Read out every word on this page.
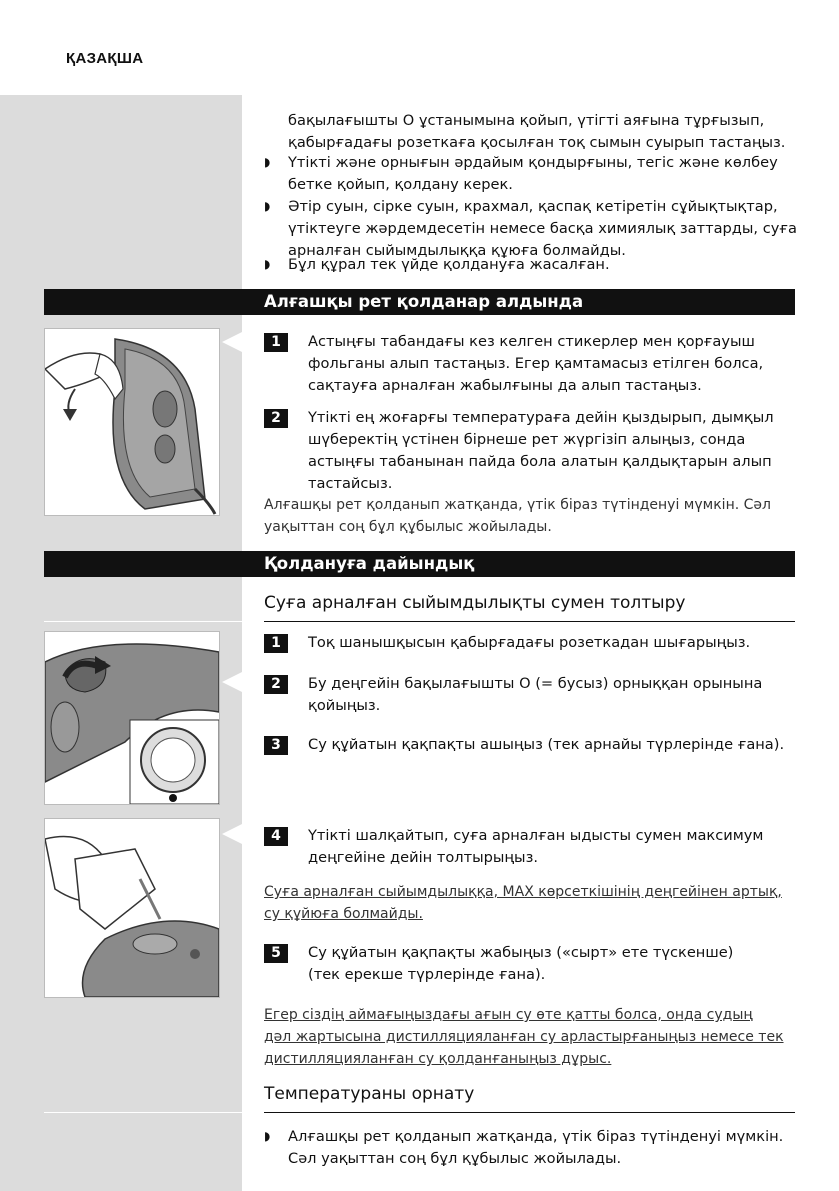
ҚАЗАҚША
бақылағышты O ұстанымына қойып, үтігті аяғына тұрғызып,
қабырғадағы розеткаға қосылған тоқ сымын суырып тастаңыз.
◗	Үтікті және орнығын әрдайым қондырғыны, тегіс және көлбеу
бетке қойып, қолдану керек.
◗	Әтір суын, сірке суын, крахмал, қаспақ кетіретін сұйықтықтар,
үтіктеуге жәрдемдесетін немесе басқа химиялық заттарды, суға
арналған сыйымдылыққа құюға болмайды.
◗	Бұл құрал тек үйде қолдануға жасалған.
Алғашқы рет қолданар алдында
1	Астыңғы табандағы кез келген стикерлер мен қорғауыш
фольганы алып тастаңыз. Егер қамтамасыз етілген болса,
сақтауға арналған жабылғыны да алып тастаңыз.
2	Үтікті ең жоғарғы температураға дейін қыздырып, дымқыл
шүберектің үстінен бірнеше рет жүргізіп алыңыз, сонда
астыңғы табанынан пайда бола алатын қалдықтарын алып
тастайсыз.
Алғашқы рет қолданып жатқанда, үтік біраз түтінденуі мүмкін. Сәл
уақыттан соң бұл құбылыс жойылады.
Қолдануға дайындық
Суға арналған сыйымдылықты сумен толтыру
1	Тоқ шанышқысын қабырғадағы розеткадан шығарыңыз.
2	Бу деңгейін бақылағышты O (= бусыз) орныққан орынына
қойыңыз.
3	Су құйатын қақпақты ашыңыз (тек арнайы түрлерінде ғана).
4	Үтікті шалқайтып, суға арналған ыдысты сумен максимум
деңгейіне дейін толтырыңыз.
Суға арналған сыйымдылыққа, MAX көрсеткішінің деңгейінен артық,
су құйюға болмайды.
5	Су құйатын қақпақты жабыңыз («сырт» ете түскенше)
(тек ерекше түрлерінде ғана).
Егер сіздің аймағыңыздағы ағын су өте қатты болса, онда судың
дәл жартысына дистилляцияланған су арластырғаныңыз немесе тек
дистилляцияланған су қолданғаныңыз дұрыс.
Температураны орнату
◗	Алғашқы рет қолданып жатқанда, үтік біраз түтінденуі мүмкін.
Сәл уақыттан соң бұл құбылыс жойылады.
